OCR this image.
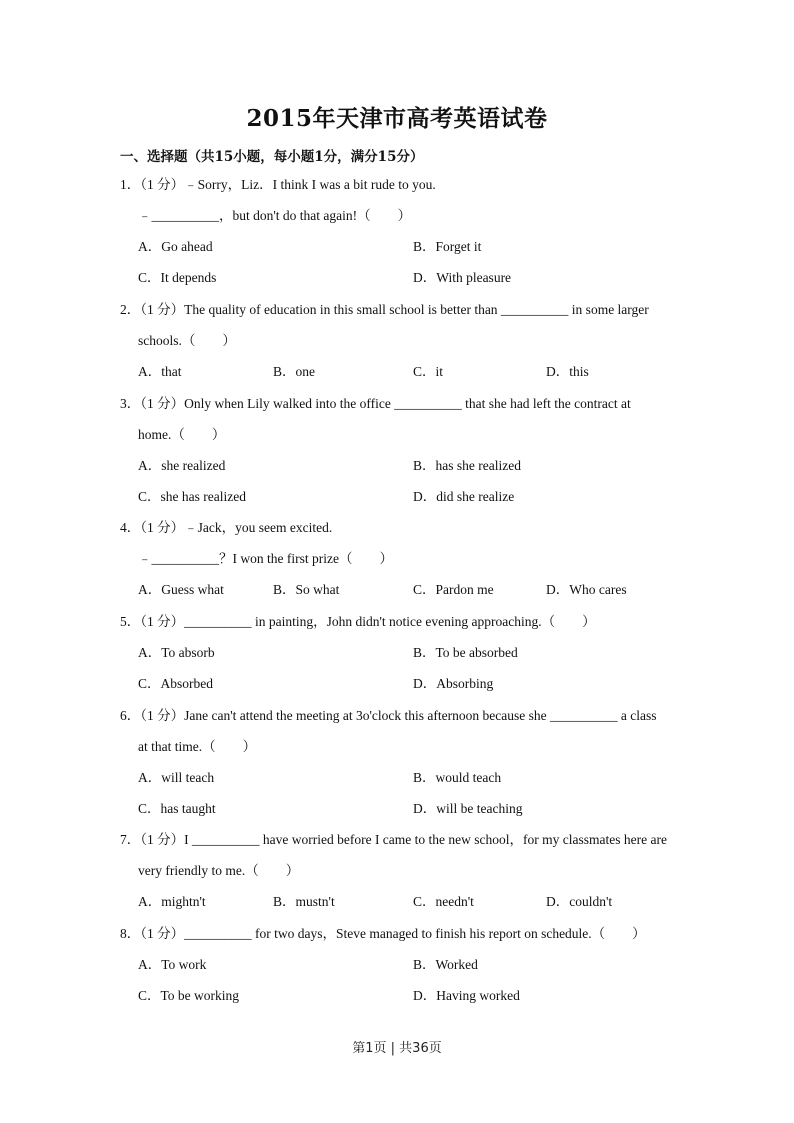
2015年天津市高考英语试卷
一、选择题（共15小题，每小题1分，满分15分）
1．（1 分）﹣Sorry，Liz．I think I was a bit rude to you.
﹣__________，but don't do that again!（　　）
A．Go ahead	B．Forget it
C．It depends	D．With pleasure
2．（1 分）The quality of education in this small school is better than __________ in some larger
schools.（　　）
A．that	B．one	C．it	D．this
3．（1 分）Only when Lily walked into the office __________ that she had left the contract at
home.（　　）
A．she realized	B．has she realized
C．she has realized	D．did she realize
4．（1 分）﹣Jack，you seem excited.
﹣__________？I won the first prize（　　）
A．Guess what	B．So what	C．Pardon me	D．Who cares
5．（1 分）__________ in painting，John didn't notice evening approaching.（　　）
A．To absorb	B．To be absorbed
C．Absorbed	D．Absorbing
6．（1 分）Jane can't attend the meeting at 3o'clock this afternoon because she __________ a class
at that time.（　　）
A．will teach	B．would teach
C．has taught	D．will be teaching
7．（1 分）I __________ have worried before I came to the new school，for my classmates here are
very friendly to me.（　　）
A．mightn't	B．mustn't	C．needn't	D．couldn't
8．（1 分）__________ for two days，Steve managed to finish his report on schedule.（　　）
A．To work	B．Worked
C．To be working	D．Having worked
第1页 | 共36页
